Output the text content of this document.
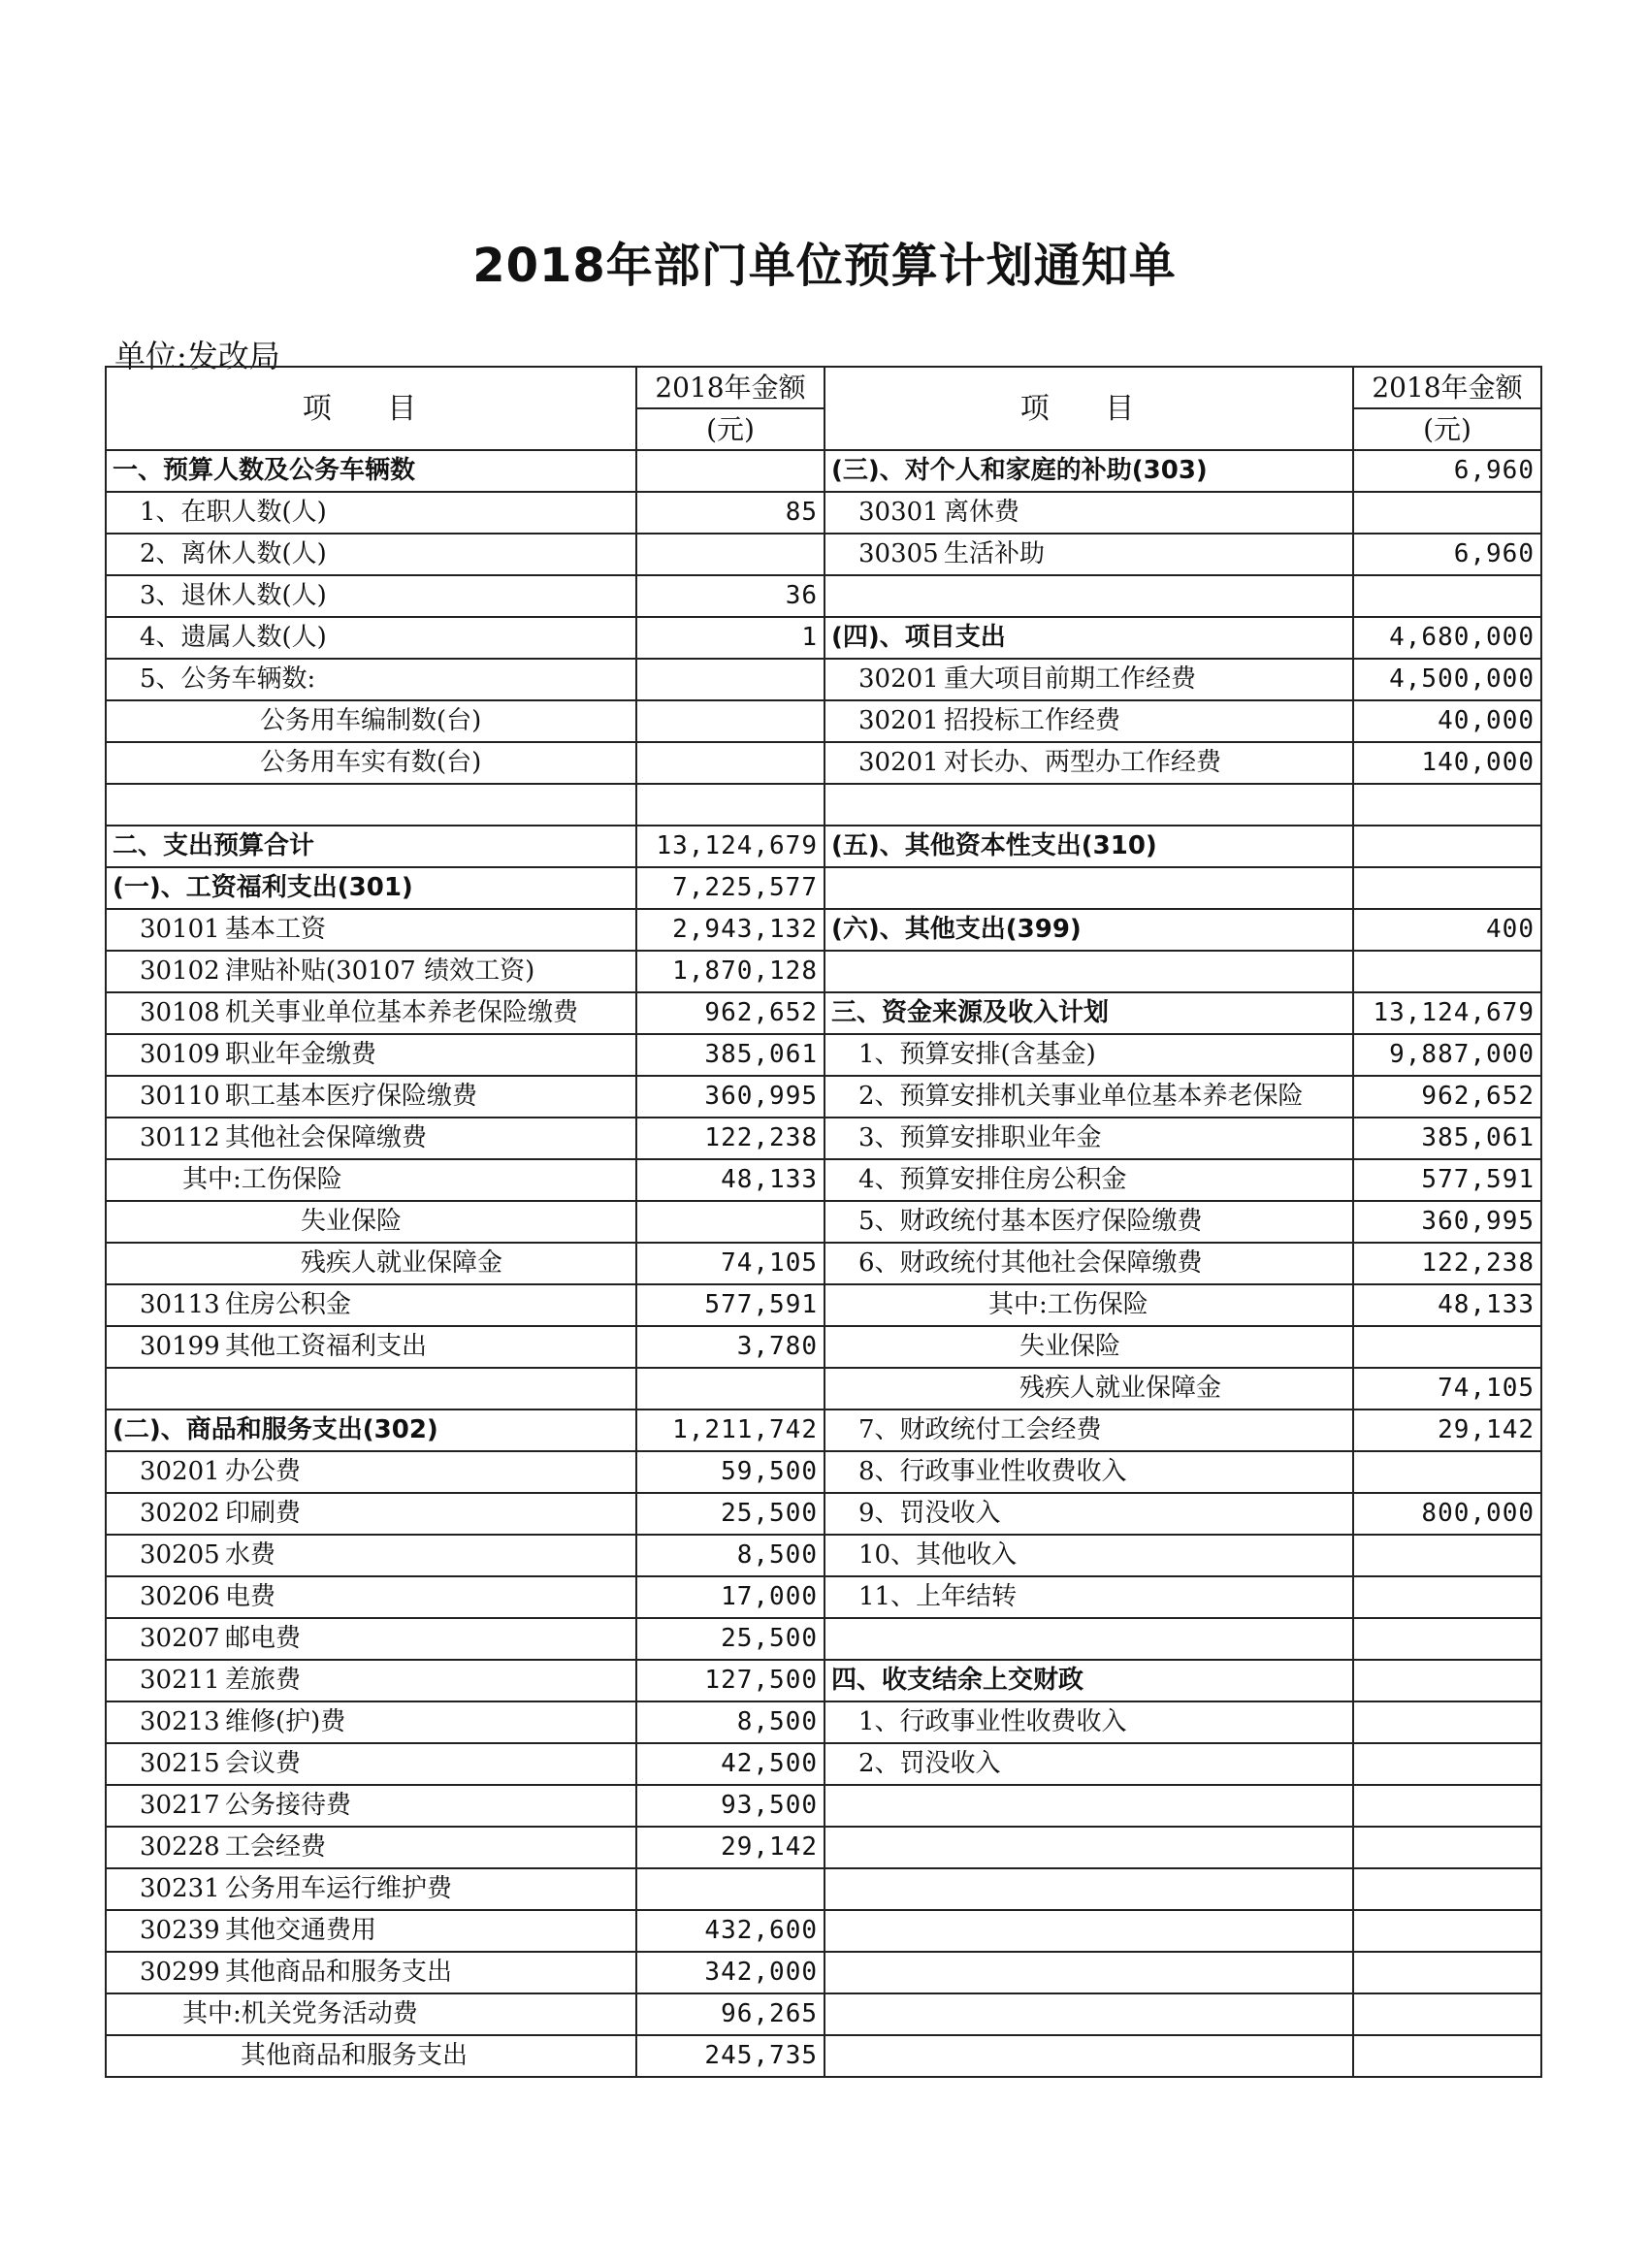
2018年部门单位预算计划通知单
单位:发改局
项 目	2018年金额	项 目	2018年金额
	(元)		(元)
一、预算人数及公务车辆数		(三)、对个人和家庭的补助(303)	6,960
1、在职人数(人)	85	30301 离休费	
2、离休人数(人)		30305 生活补助	6,960
3、退休人数(人)	36		
4、遗属人数(人)	1	(四)、项目支出	4,680,000
5、公务车辆数:		30201 重大项目前期工作经费	4,500,000
公务用车编制数(台)		30201 招投标工作经费	40,000
公务用车实有数(台)		30201 对长办、两型办工作经费	140,000

二、支出预算合计	13,124,679	(五)、其他资本性支出(310)	
(一)、工资福利支出(301)	7,225,577		
30101 基本工资	2,943,132	(六)、其他支出(399)	400
30102 津贴补贴(30107 绩效工资)	1,870,128		
30108 机关事业单位基本养老保险缴费	962,652	三、资金来源及收入计划	13,124,679
30109 职业年金缴费	385,061	1、预算安排(含基金)	9,887,000
30110 职工基本医疗保险缴费	360,995	2、预算安排机关事业单位基本养老保险	962,652
30112 其他社会保障缴费	122,238	3、预算安排职业年金	385,061
其中:工伤保险	48,133	4、预算安排住房公积金	577,591
失业保险		5、财政统付基本医疗保险缴费	360,995
残疾人就业保障金	74,105	6、财政统付其他社会保障缴费	122,238
30113 住房公积金	577,591	其中:工伤保险	48,133
30199 其他工资福利支出	3,780	失业保险	
		残疾人就业保障金	74,105
(二)、商品和服务支出(302)	1,211,742	7、财政统付工会经费	29,142
30201 办公费	59,500	8、行政事业性收费收入	
30202 印刷费	25,500	9、罚没收入	800,000
30205 水费	8,500	10、其他收入	
30206 电费	17,000	11、上年结转	
30207 邮电费	25,500		
30211 差旅费	127,500	四、收支结余上交财政	
30213 维修(护)费	8,500	1、行政事业性收费收入	
30215 会议费	42,500	2、罚没收入	
30217 公务接待费	93,500		
30228 工会经费	29,142		
30231 公务用车运行维护费			
30239 其他交通费用	432,600		
30299 其他商品和服务支出	342,000		
其中:机关党务活动费	96,265		
其他商品和服务支出	245,735		
